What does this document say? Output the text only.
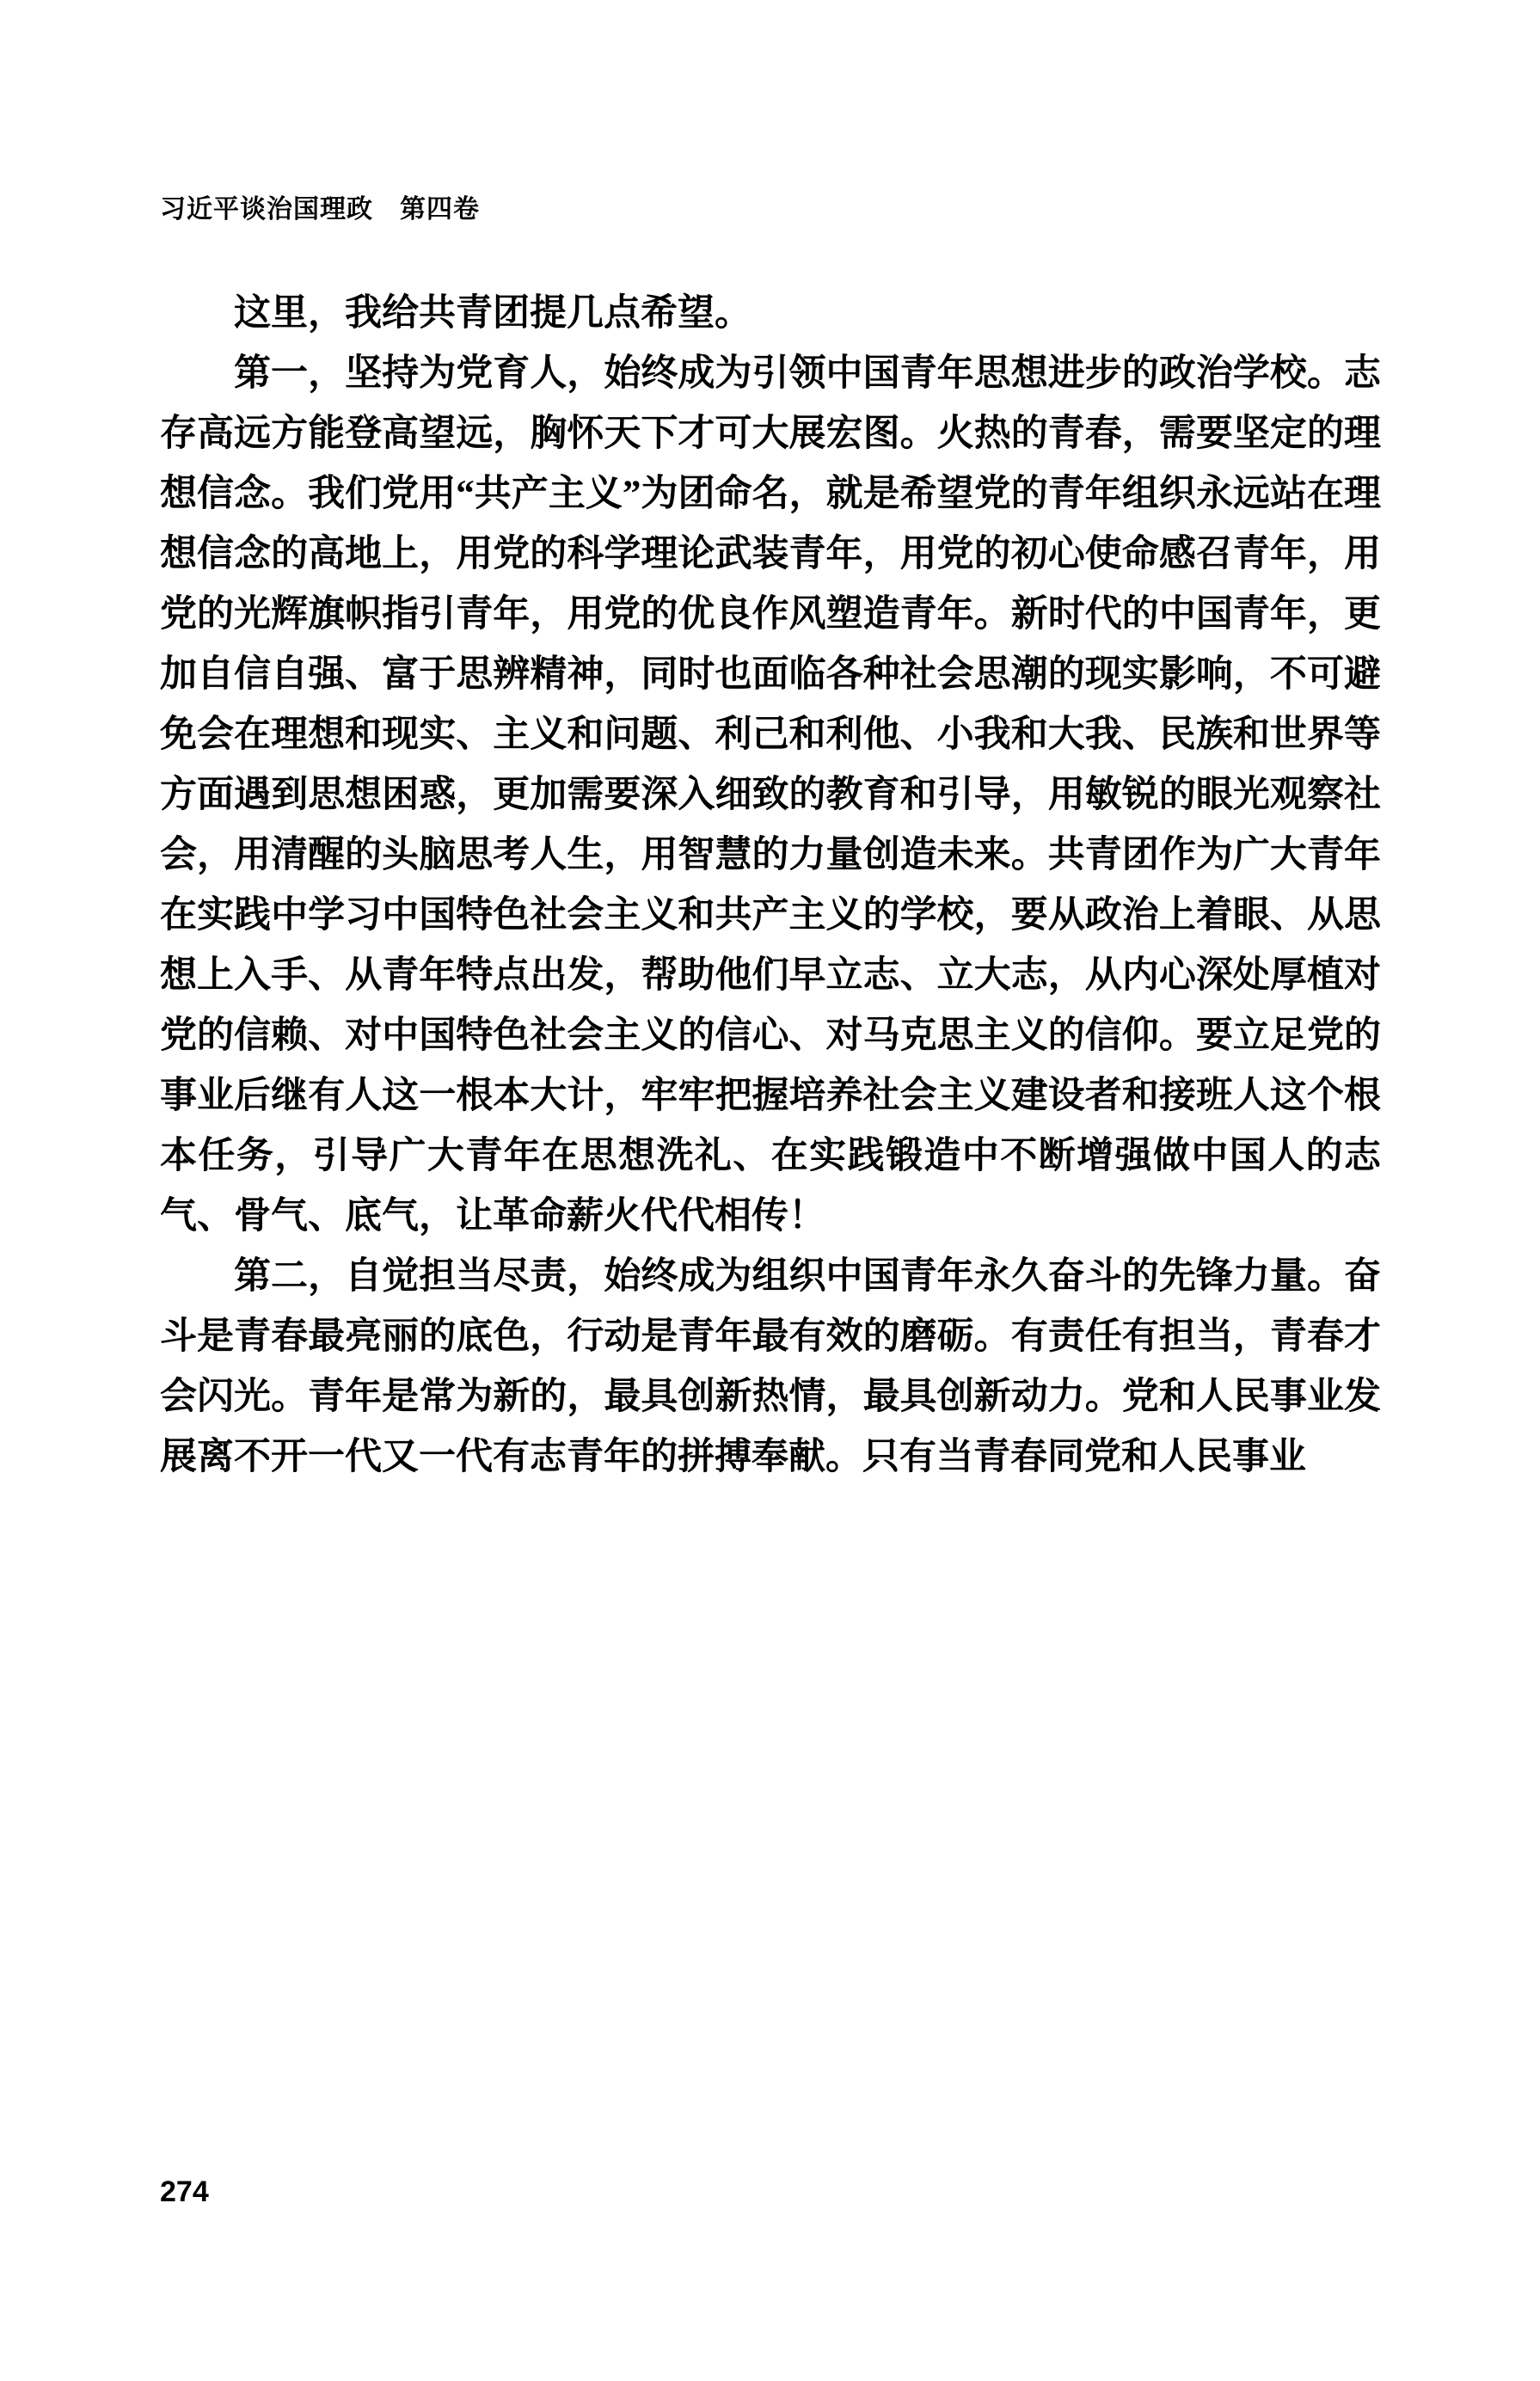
习近平谈治国理政　第四卷

这里，我给共青团提几点希望。

第一，坚持为党育人，始终成为引领中国青年思想进步的政治学校。志存高远方能登高望远，胸怀天下才可大展宏图。火热的青春，需要坚定的理想信念。我们党用“共产主义”为团命名，就是希望党的青年组织永远站在理想信念的高地上，用党的科学理论武装青年，用党的初心使命感召青年，用党的光辉旗帜指引青年，用党的优良作风塑造青年。新时代的中国青年，更加自信自强、富于思辨精神，同时也面临各种社会思潮的现实影响，不可避免会在理想和现实、主义和问题、利己和利他、小我和大我、民族和世界等方面遇到思想困惑，更加需要深入细致的教育和引导，用敏锐的眼光观察社会，用清醒的头脑思考人生，用智慧的力量创造未来。共青团作为广大青年在实践中学习中国特色社会主义和共产主义的学校，要从政治上着眼、从思想上入手、从青年特点出发，帮助他们早立志、立大志，从内心深处厚植对党的信赖、对中国特色社会主义的信心、对马克思主义的信仰。要立足党的事业后继有人这一根本大计，牢牢把握培养社会主义建设者和接班人这个根本任务，引导广大青年在思想洗礼、在实践锻造中不断增强做中国人的志气、骨气、底气，让革命薪火代代相传！

第二，自觉担当尽责，始终成为组织中国青年永久奋斗的先锋力量。奋斗是青春最亮丽的底色，行动是青年最有效的磨砺。有责任有担当，青春才会闪光。青年是常为新的，最具创新热情，最具创新动力。党和人民事业发展离不开一代又一代有志青年的拼搏奉献。只有当青春同党和人民事业

274
